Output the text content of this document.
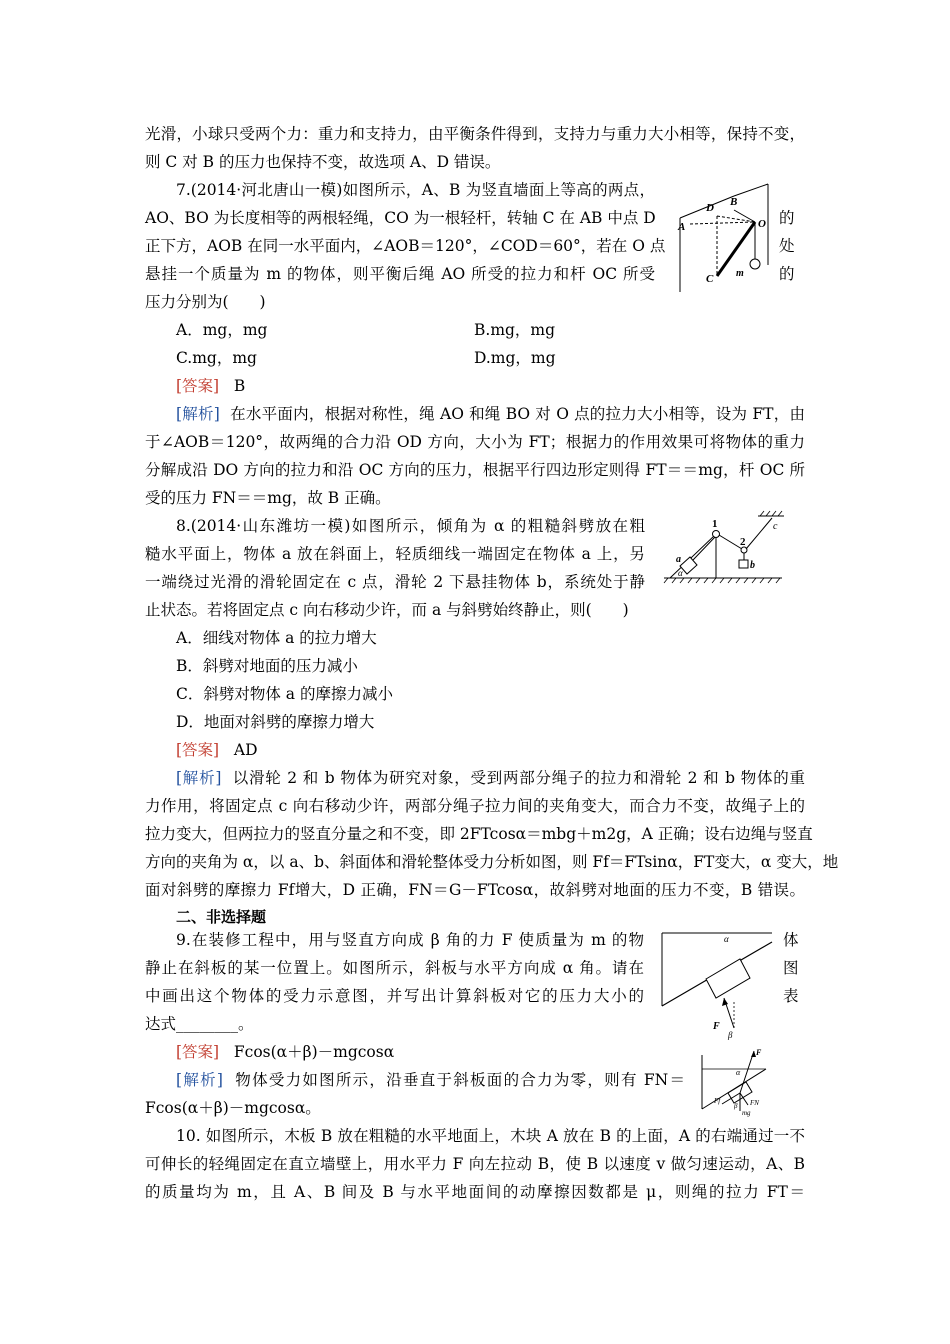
光滑，小球只受两个力：重力和支持力，由平衡条件得到，支持力与重力大小相等，保持不变，
则 C 对 B 的压力也保持不变，故选项 A、D 错误。
7.(2014·河北唐山一模)如图所示，A、B 为竖直墙面上等高的两点，
AO、BO 为长度相等的两根轻绳，CO 为一根轻杆，转轴 C 在 AB 中点 D	的
正下方，AOB 在同一水平面内，∠AOB＝120°，∠COD＝60°，若在 O 点	处
悬挂一个质量为 m 的物体，则平衡后绳 AO 所受的拉力和杆 OC 所受	的
压力分别为(　　)
D B
A	O
C m
A．mg，mg	B.mg，mg
C.mg，mg	D.mg，mg
[答案] B
[解析] 在水平面内，根据对称性，绳 AO 和绳 BO 对 O 点的拉力大小相等，设为 FT，由
于∠AOB＝120°，故两绳的合力沿 OD 方向，大小为 FT；根据力的作用效果可将物体的重力
分解成沿 DO 方向的拉力和沿 OC 方向的压力，根据平行四边形定则得 FT＝＝mg，杆 OC 所
受的压力 FN＝＝mg，故 B 正确。
8.(2014·山东潍坊一模)如图所示，倾角为 α 的粗糙斜劈放在粗
糙水平面上，物体 a 放在斜面上，轻质细线一端固定在物体 a 上，另
一端绕过光滑的滑轮固定在 c 点，滑轮 2 下悬挂物体 b，系统处于静
止状态。若将固定点 c 向右移动少许，而 a 与斜劈始终静止，则(　　)
1
2
c
a
α
b
A．细线对物体 a 的拉力增大
B．斜劈对地面的压力减小
C．斜劈对物体 a 的摩擦力减小
D．地面对斜劈的摩擦力增大
[答案] AD
[解析] 以滑轮 2 和 b 物体为研究对象，受到两部分绳子的拉力和滑轮 2 和 b 物体的重
力作用，将固定点 c 向右移动少许，两部分绳子拉力间的夹角变大，而合力不变，故绳子上的
拉力变大，但两拉力的竖直分量之和不变，即 2FTcosα＝mbg＋m2g，A 正确；设右边绳与竖直
方向的夹角为 α，以 a、b、斜面体和滑轮整体受力分析如图，则 Ff＝FTsinα，FT变大，α 变大，地
面对斜劈的摩擦力 Ff增大，D 正确，FN＝G－FTcosα，故斜劈对地面的压力不变，B 错误。
二、非选择题
9.在装修工程中，用与竖直方向成 β 角的力 F 使质量为 m 的物	体
静止在斜板的某一位置上。如图所示，斜板与水平方向成 α 角。请在	图
中画出这个物体的受力示意图，并写出计算斜板对它的压力大小的	表
达式________。
α
F
β
[答案] Fcos(α＋β)－mgcosα
[解析] 物体受力如图所示，沿垂直于斜板面的合力为零，则有 FN＝
Fcos(α＋β)－mgcosα。
F
α
Ff
β FN
mg
10. 如图所示，木板 B 放在粗糙的水平地面上，木块 A 放在 B 的上面，A 的右端通过一不
可伸长的轻绳固定在直立墙壁上，用水平力 F 向左拉动 B，使 B 以速度 v 做匀速运动，A、B
的质量均为 m，且 A、B 间及 B 与水平地面间的动摩擦因数都是 μ，则绳的拉力 FT＝
